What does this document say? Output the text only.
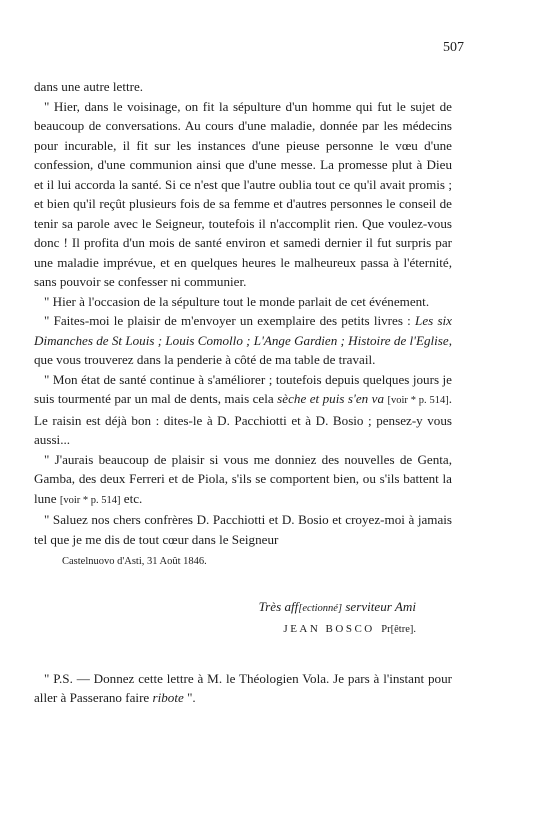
507

dans une autre lettre.

" Hier, dans le voisinage, on fit la sépulture d'un homme qui fut le sujet de beaucoup de conversations. Au cours d'une maladie, donnée par les médecins pour incurable, il fit sur les instances d'une pieuse personne le vœu d'une confession, d'une communion ainsi que d'une messe. La promesse plut à Dieu et il lui accorda la santé. Si ce n'est que l'autre oublia tout ce qu'il avait promis ; et bien qu'il reçût plusieurs fois de sa femme et d'autres personnes le conseil de tenir sa parole avec le Seigneur, toutefois il n'accomplit rien. Que voulez-vous donc ! Il profita d'un mois de santé environ et samedi dernier il fut surpris par une maladie imprévue, et en quelques heures le malheureux passa à l'éternité, sans pouvoir se confesser ni communier.

" Hier à l'occasion de la sépulture tout le monde parlait de cet événement.

" Faites-moi le plaisir de m'envoyer un exemplaire des petits livres : Les six Dimanches de St Louis ; Louis Comollo ; L'Ange Gardien ; Histoire de l'Eglise, que vous trouverez dans la penderie à côté de ma table de travail.

" Mon état de santé continue à s'améliorer ; toutefois depuis quelques jours je suis tourmenté par un mal de dents, mais cela sèche et puis s'en va [voir * p. 514]. Le raisin est déjà bon : dites-le à D. Pacchiotti et à D. Bosio ; pensez-y vous aussi...

" J'aurais beaucoup de plaisir si vous me donniez des nouvelles de Genta, Gamba, des deux Ferreri et de Piola, s'ils se comportent bien, ou s'ils battent la lune [voir * p. 514] etc.

" Saluez nos chers confrères D. Pacchiotti et D. Bosio et croyez-moi à jamais tel que je me dis de tout cœur dans le Seigneur

Castelnuovo d'Asti, 31 Août 1846.

Très aff[ectionné] serviteur Ami
JEAN BOSCO Pr[être].

" P.S. — Donnez cette lettre à M. le Théologien Vola. Je pars à l'instant pour aller à Passerano faire ribote ".
